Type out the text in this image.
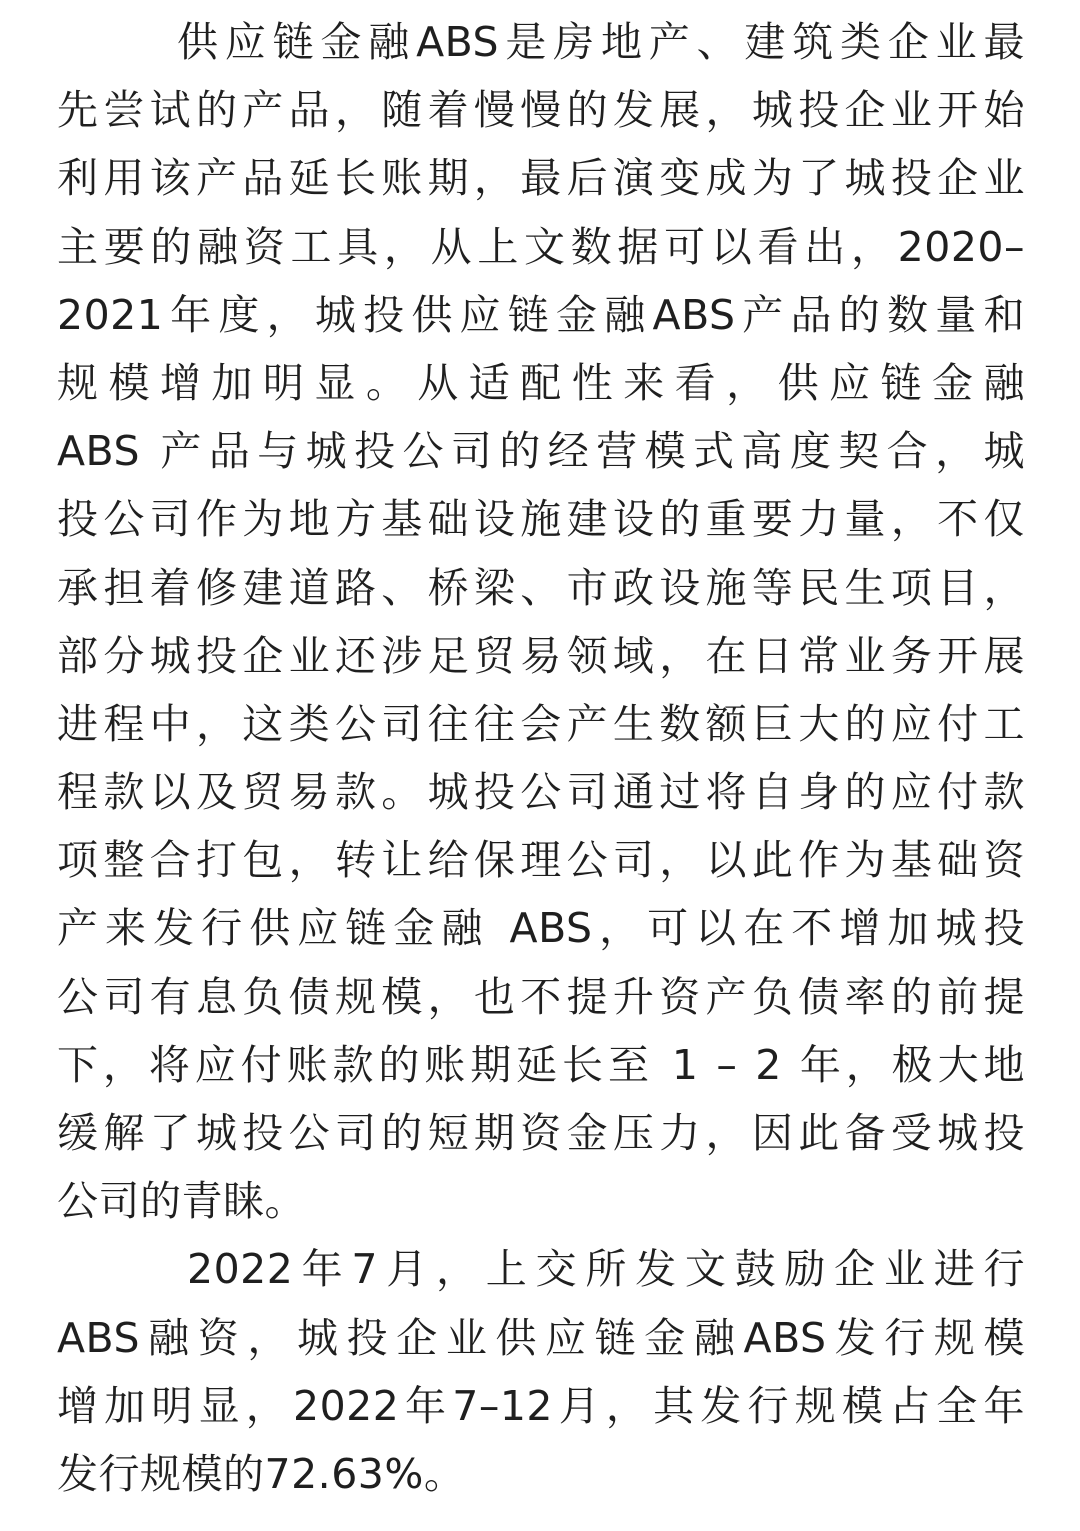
供应链金融ABS是房地产、建筑类企业最
先尝试的产品，随着慢慢的发展，城投企业开始
利用该产品延长账期，最后演变成为了城投企业
主要的融资工具，从上文数据可以看出，2020–
2021年度，城投供应链金融ABS产品的数量和
规模增加明显。从适配性来看，供应链金融
ABS 产品与城投公司的经营模式高度契合，城
投公司作为地方基础设施建设的重要力量，不仅
承担着修建道路、桥梁、市政设施等民生项目，
部分城投企业还涉足贸易领域，在日常业务开展
进程中，这类公司往往会产生数额巨大的应付工
程款以及贸易款。城投公司通过将自身的应付款
项整合打包，转让给保理公司，以此作为基础资
产来发行供应链金融 ABS，可以在不增加城投
公司有息负债规模，也不提升资产负债率的前提
下，将应付账款的账期延长至 1 – 2 年，极大地
缓解了城投公司的短期资金压力，因此备受城投
公司的青睐。

2022年7月，上交所发文鼓励企业进行
ABS融资，城投企业供应链金融ABS发行规模
增加明显，2022年7–12月，其发行规模占全年
发行规模的72.63%。
